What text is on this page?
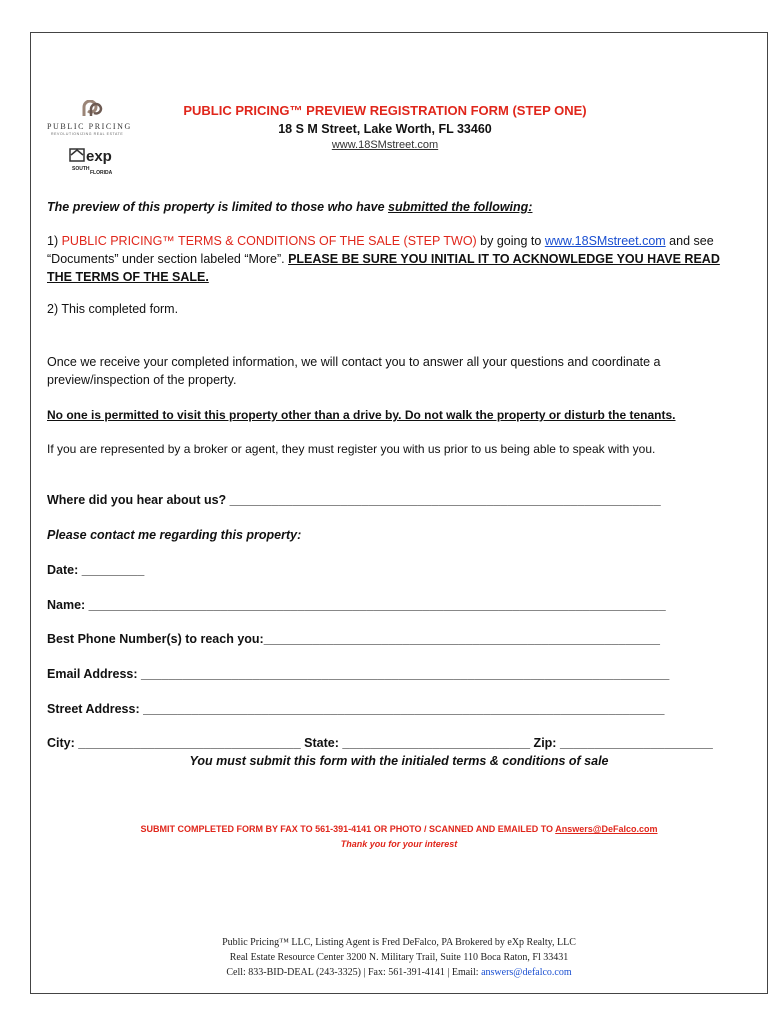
PUBLIC PRICING
REVOLUTIONIZING REAL ESTATE
exp
SOUTH
FLORIDA
PUBLIC PRICING™ PREVIEW REGISTRATION FORM (STEP ONE)
18 S M Street, Lake Worth, FL 33460
www.18SMstreet.com
The preview of this property is limited to those who have submitted the following:
1) PUBLIC PRICING™ TERMS & CONDITIONS OF THE SALE (STEP TWO) by going to www.18SMstreet.com and see
“Documents” under section labeled “More”. PLEASE BE SURE YOU INITIAL IT TO ACKNOWLEDGE YOU HAVE READ THE TERMS OF THE SALE.
2) This completed form.
Once we receive your completed information, we will contact you to answer all your questions and coordinate a preview/inspection of the property.
No one is permitted to visit this property other than a drive by. Do not walk the property or disturb the tenants.
If you are represented by a broker or agent, they must register you with us prior to us being able to speak with you.
Where did you hear about us? ______________________________________________________________
Please contact me regarding this property:
Date: _________
Name: ___________________________________________________________________________________
Best Phone Number(s) to reach you:_________________________________________________________
Email Address: ____________________________________________________________________________
Street Address: ___________________________________________________________________________
City: ________________________________ State: ___________________________ Zip: ______________________
You must submit this form with the initialed terms & conditions of sale
SUBMIT COMPLETED FORM BY FAX TO 561-391-4141 OR PHOTO / SCANNED AND EMAILED TO Answers@DeFalco.com
Thank you for your interest
Public Pricing™ LLC, Listing Agent is Fred DeFalco, PA Brokered by eXp Realty, LLC
Real Estate Resource Center 3200 N. Military Trail, Suite 110 Boca Raton, Fl 33431
Cell: 833-BID-DEAL (243-3325) | Fax: 561-391-4141 | Email: answers@defalco.com
